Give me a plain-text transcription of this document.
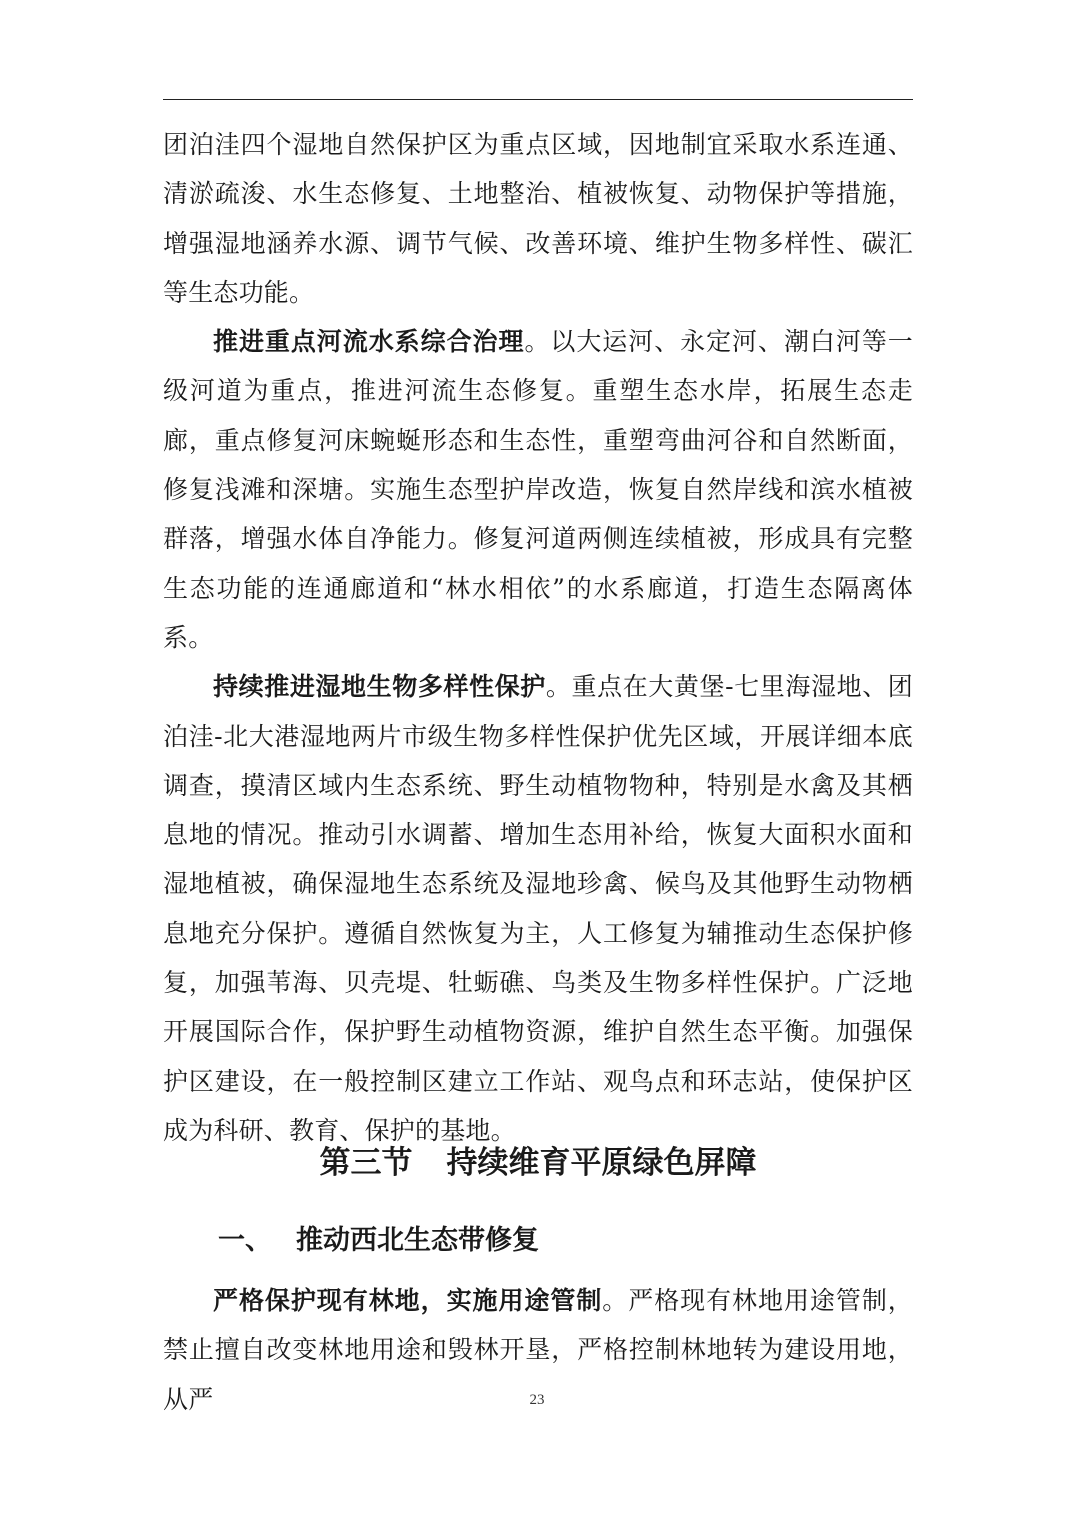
团泊洼四个湿地自然保护区为重点区域，因地制宜采取水系连通、清淤疏浚、水生态修复、土地整治、植被恢复、动物保护等措施，增强湿地涵养水源、调节气候、改善环境、维护生物多样性、碳汇等生态功能。

推进重点河流水系综合治理。以大运河、永定河、潮白河等一级河道为重点，推进河流生态修复。重塑生态水岸，拓展生态走廊，重点修复河床蜿蜒形态和生态性，重塑弯曲河谷和自然断面，修复浅滩和深塘。实施生态型护岸改造，恢复自然岸线和滨水植被群落，增强水体自净能力。修复河道两侧连续植被，形成具有完整生态功能的连通廊道和“林水相依”的水系廊道，打造生态隔离体系。

持续推进湿地生物多样性保护。重点在大黄堡-七里海湿地、团泊洼-北大港湿地两片市级生物多样性保护优先区域，开展详细本底调查，摸清区域内生态系统、野生动植物物种，特别是水禽及其栖息地的情况。推动引水调蓄、增加生态用补给，恢复大面积水面和湿地植被，确保湿地生态系统及湿地珍禽、候鸟及其他野生动物栖息地充分保护。遵循自然恢复为主，人工修复为辅推动生态保护修复，加强苇海、贝壳堤、牡蛎礁、鸟类及生物多样性保护。广泛地开展国际合作，保护野生动植物资源，维护自然生态平衡。加强保护区建设，在一般控制区建立工作站、观鸟点和环志站，使保护区成为科研、教育、保护的基地。

第三节 持续维育平原绿色屏障
一、 推动西北生态带修复

严格保护现有林地，实施用途管制。严格现有林地用途管制，禁止擅自改变林地用途和毁林开垦，严格控制林地转为建设用地，从严	23
